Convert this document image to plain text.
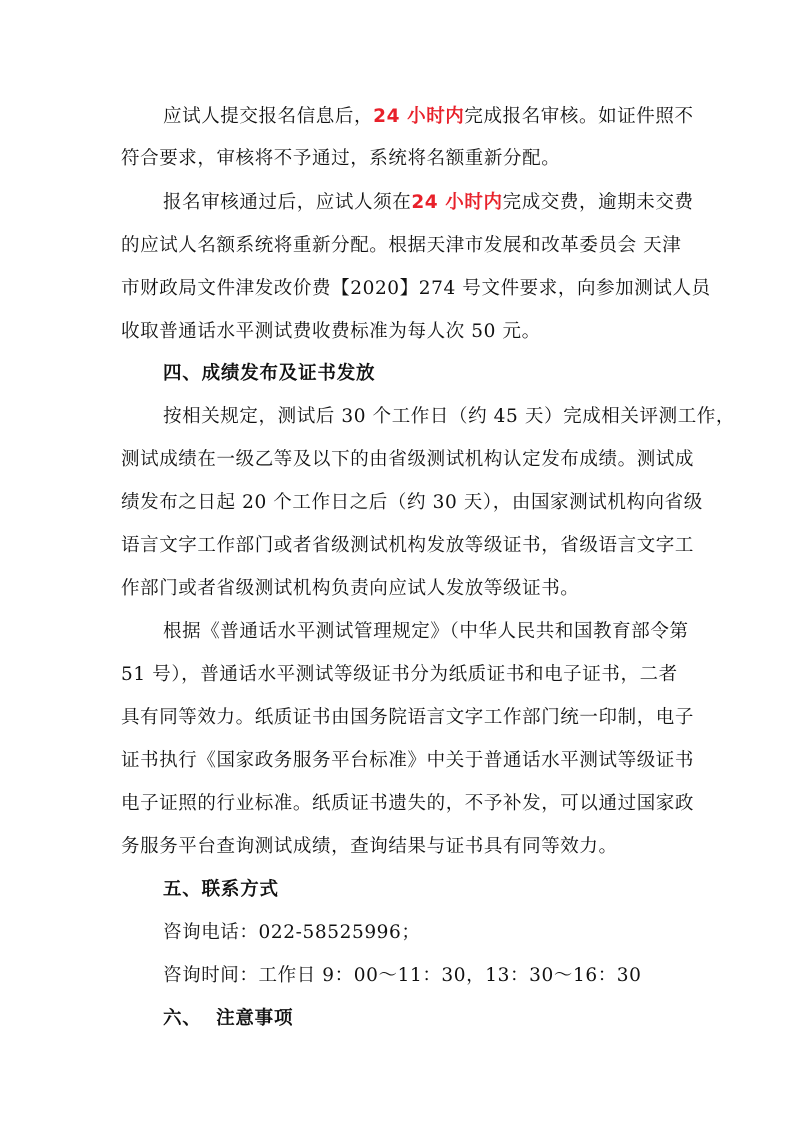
应试人提交报名信息后，24 小时内完成报名审核。如证件照不
符合要求，审核将不予通过，系统将名额重新分配。
报名审核通过后，应试人须在24 小时内完成交费，逾期未交费
的应试人名额系统将重新分配。根据天津市发展和改革委员会 天津
市财政局文件津发改价费【2020】274 号文件要求，向参加测试人员
收取普通话水平测试费收费标准为每人次 50 元。
四、成绩发布及证书发放
按相关规定，测试后 30 个工作日（约 45 天）完成相关评测工作，
测试成绩在一级乙等及以下的由省级测试机构认定发布成绩。测试成
绩发布之日起 20 个工作日之后（约 30 天），由国家测试机构向省级
语言文字工作部门或者省级测试机构发放等级证书，省级语言文字工
作部门或者省级测试机构负责向应试人发放等级证书。
根据《普通话水平测试管理规定》（中华人民共和国教育部令第
51 号），普通话水平测试等级证书分为纸质证书和电子证书，二者
具有同等效力。纸质证书由国务院语言文字工作部门统一印制，电子
证书执行《国家政务服务平台标准》中关于普通话水平测试等级证书
电子证照的行业标准。纸质证书遗失的，不予补发，可以通过国家政
务服务平台查询测试成绩，查询结果与证书具有同等效力。
五、联系方式
咨询电话：022-58525996；
咨询时间：工作日 9：00～11：30，13：30～16：30
六、  注意事项
